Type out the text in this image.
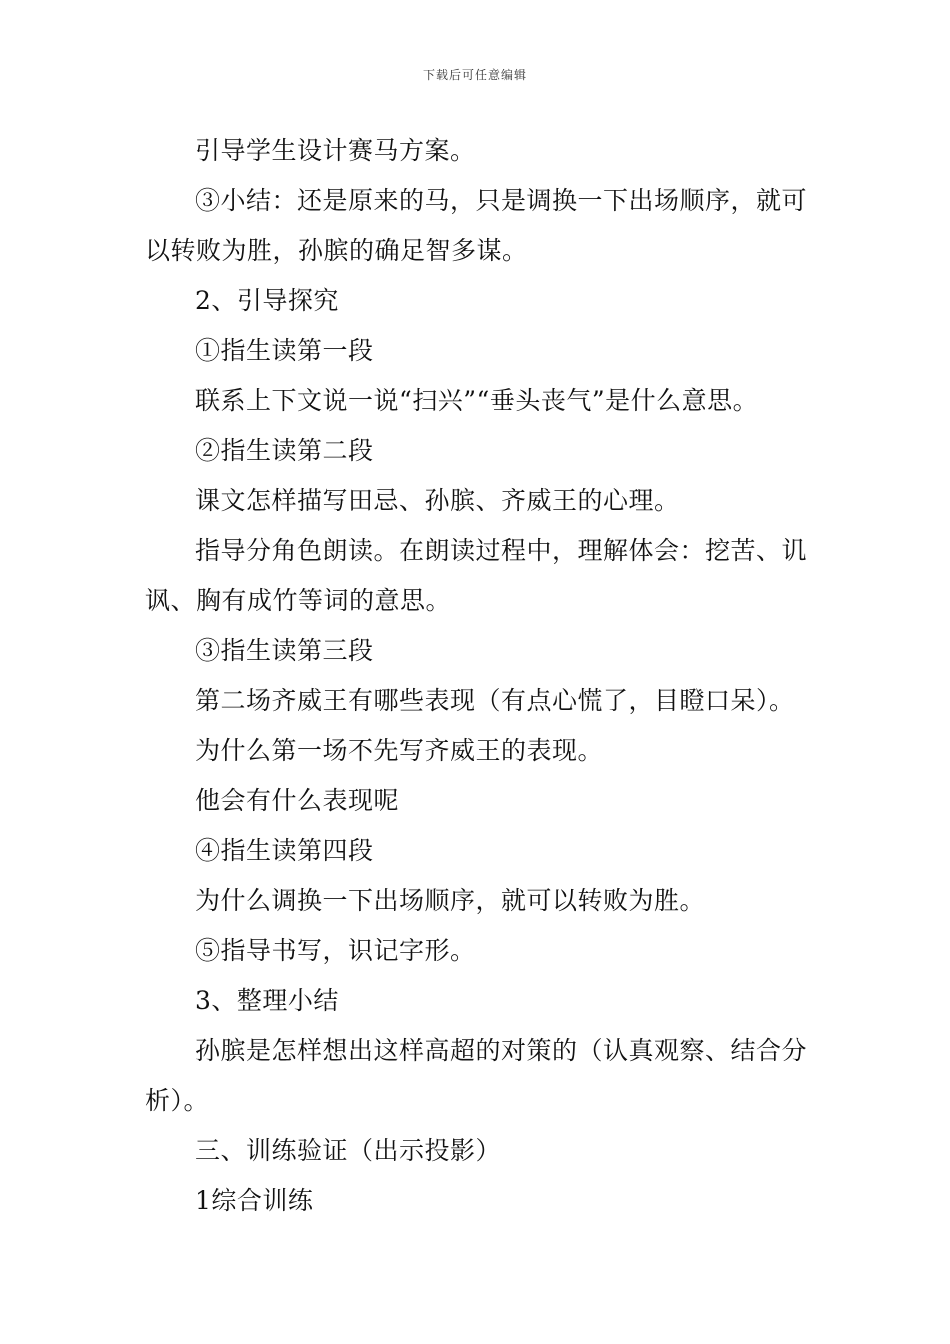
下载后可任意编辑

引导学生设计赛马方案。

③小结：还是原来的马，只是调换一下出场顺序，就可以转败为胜，孙膑的确足智多谋。

2、引导探究

①指生读第一段

联系上下文说一说“扫兴”“垂头丧气”是什么意思。

②指生读第二段

课文怎样描写田忌、孙膑、齐威王的心理。

指导分角色朗读。在朗读过程中，理解体会：挖苦、讥讽、胸有成竹等词的意思。

③指生读第三段

第二场齐威王有哪些表现（有点心慌了，目瞪口呆）。

为什么第一场不先写齐威王的表现。

他会有什么表现呢

④指生读第四段

为什么调换一下出场顺序，就可以转败为胜。

⑤指导书写，识记字形。

3、整理小结

孙膑是怎样想出这样高超的对策的（认真观察、结合分析）。

三、训练验证（出示投影）

1综合训练
